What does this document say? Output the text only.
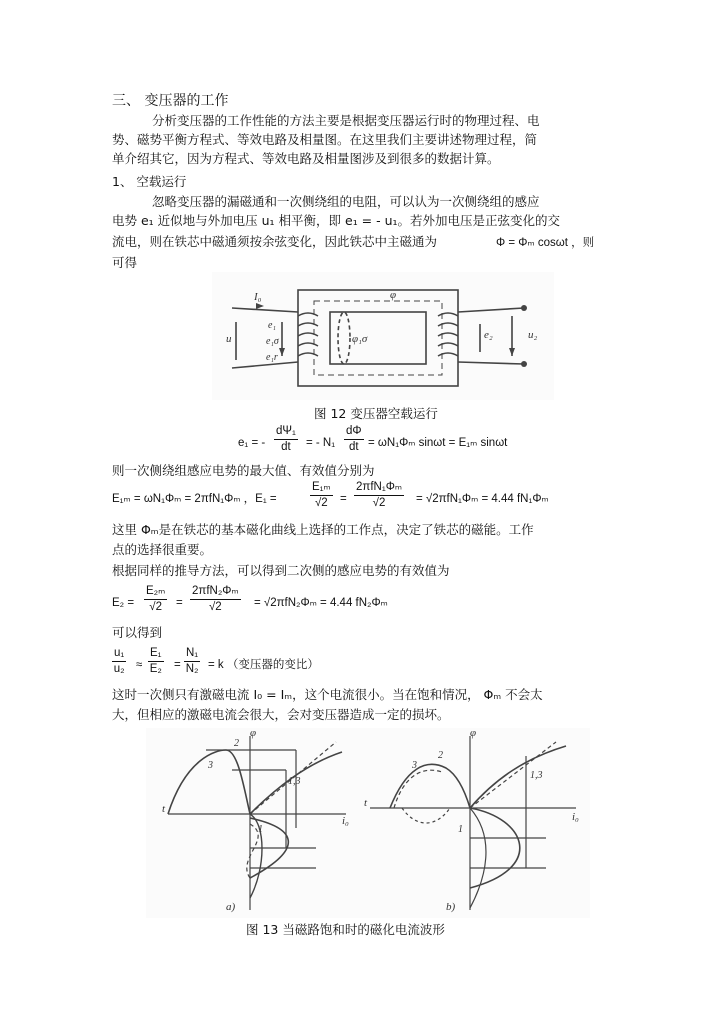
三、 变压器的工作
分析变压器的工作性能的方法主要是根据变压器运行时的物理过程、电
势、磁势平衡方程式、等效电路及相量图。在这里我们主要讲述物理过程，简
单介绍其它，因为方程式、等效电路及相量图涉及到很多的数据计算。
1、 空载运行
忽略变压器的漏磁通和一次侧绕组的电阻，可以认为一次侧绕组的感应
电势 e₁ 近似地与外加电压 u₁ 相平衡，即 e₁ = - u₁。若外加电压是正弦变化的交
流电，则在铁芯中磁通须按余弦变化，因此铁芯中主磁通为	Φ = Φₘ cosωt ，则
可得
I₀
u
e₁
e₁σ
e₁r
φ₁σ
φ
e₂	u₂
图 12 变压器空载运行
e₁ = - $\frac{\text{dΨ₁}}{dt}$ = - $N_1 \frac{d\Phi}{dt} = \omega N_1\Phi_m$ sinωt = E₁ₘ sinωt
则一次侧绕组感应电势的最大值、有效值分别为
E₁ₘ = ωN₁Φₘ = 2πfN₁Φₘ ，E₁ =	$\frac{\text{E₁ₘ}}{√2}$ =
2πfN₁Φₘ
√2	= √2πfN₁Φₘ = 4.44 fN₁Φₘ
这里 Φₘ是在铁芯的基本磁化曲线上选择的工作点，决定了铁芯的磁能。工作
点的选择很重要。
根据同样的推导方法，可以得到二次侧的感应电势的有效值为
$E_2 = \frac{\text{E₂ₘ}}{√2}$ =
2πfN₂Φₘ
√2	= √2πfN₂Φₘ = 4.44 fN₂Φₘ
可以得到
$\frac{\text{u₁}}{\text{u₂}} \approx \frac{\text{E₁}}{\text{E₂}} = \frac{\text{N₁}}{\text{N₂}} = k$ （变压器的变比）
这时一次侧只有激磁电流 I₀ = Iₘ，这个电流很小。当在饱和情况， Φₘ 不会太
大，但相应的激磁电流会很大，会对变压器造成一定的损坏。
φ
t
i₀
2
3
1
1,3
a)
φ
t
i₀
2
3
1
1,3
b)
图 13 当磁路饱和时的磁化电流波形
